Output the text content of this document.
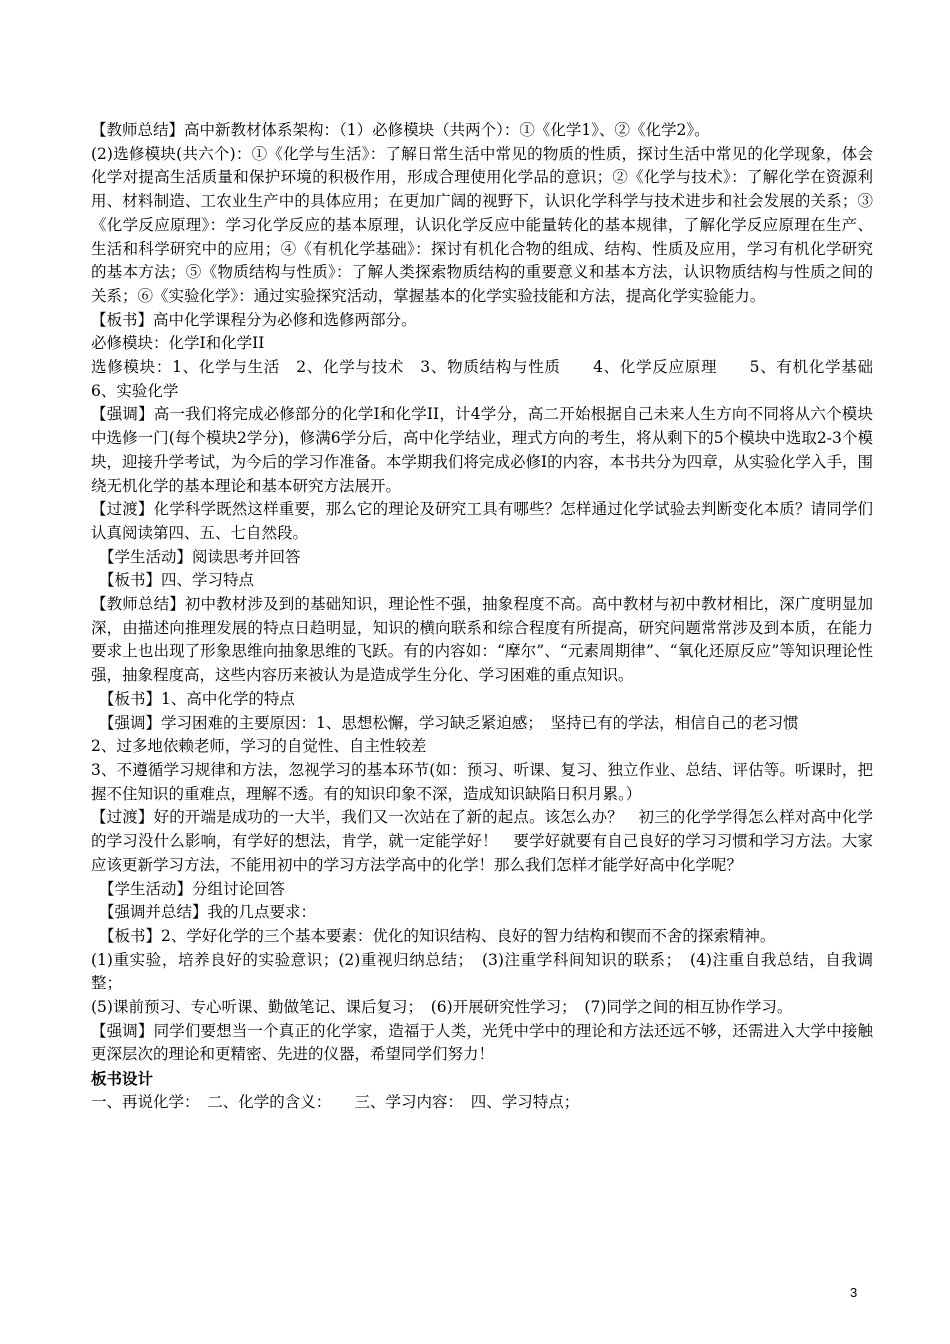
【教师总结】高中新教材体系架构：（1）必修模块（共两个）：①《化学1》、②《化学2》。

(2)选修模块(共六个)：①《化学与生活》：了解日常生活中常见的物质的性质，探讨生活中常见的化学现象，体会化学对提高生活质量和保护环境的积极作用，形成合理使用化学品的意识；②《化学与技术》：了解化学在资源利用、材料制造、工农业生产中的具体应用；在更加广阔的视野下，认识化学科学与技术进步和社会发展的关系；③《化学反应原理》：学习化学反应的基本原理，认识化学反应中能量转化的基本规律，了解化学反应原理在生产、生活和科学研究中的应用；④《有机化学基础》：探讨有机化合物的组成、结构、性质及应用，学习有机化学研究的基本方法；⑤《物质结构与性质》：了解人类探索物质结构的重要意义和基本方法，认识物质结构与性质之间的关系；⑥《实验化学》：通过实验探究活动，掌握基本的化学实验技能和方法，提高化学实验能力。

【板书】高中化学课程分为必修和选修两部分。

必修模块：化学I和化学II

选修模块：1、化学与生活　2、化学与技术　3、物质结构与性质　　4、化学反应原理　　5、有机化学基础　6、实验化学

【强调】高一我们将完成必修部分的化学I和化学II，计4学分，高二开始根据自己未来人生方向不同将从六个模块中选修一门(每个模块2学分)，修满6学分后，高中化学结业，理式方向的考生，将从剩下的5个模块中选取2-3个模块，迎接升学考试，为今后的学习作准备。本学期我们将完成必修Ⅰ的内容，本书共分为四章，从实验化学入手，围绕无机化学的基本理论和基本研究方法展开。

【过渡】化学科学既然这样重要，那么它的理论及研究工具有哪些？怎样通过化学试验去判断变化本质？请同学们认真阅读第四、五、七自然段。

【学生活动】阅读思考并回答

【板书】四、学习特点

【教师总结】初中教材涉及到的基础知识，理论性不强，抽象程度不高。高中教材与初中教材相比，深广度明显加深，由描述向推理发展的特点日趋明显，知识的横向联系和综合程度有所提高，研究问题常常涉及到本质，在能力要求上也出现了形象思维向抽象思维的飞跃。有的内容如：“摩尔”、“元素周期律”、“氧化还原反应”等知识理论性强，抽象程度高，这些内容历来被认为是造成学生分化、学习困难的重点知识。

【板书】1、高中化学的特点

【强调】学习困难的主要原因：1、思想松懈，学习缺乏紧迫感；　坚持已有的学法，相信自己的老习惯

2、过多地依赖老师，学习的自觉性、自主性较差

3、不遵循学习规律和方法，忽视学习的基本环节(如：预习、听课、复习、独立作业、总结、评估等。听课时，把握不住知识的重难点，理解不透。有的知识印象不深，造成知识缺陷日积月累。）

【过渡】好的开端是成功的一大半，我们又一次站在了新的起点。该怎么办？　初三的化学学得怎么样对高中化学的学习没什么影响，有学好的想法，肯学，就一定能学好！　要学好就要有自己良好的学习习惯和学习方法。大家应该更新学习方法，不能用初中的学习方法学高中的化学！那么我们怎样才能学好高中化学呢？

【学生活动】分组讨论回答

【强调并总结】我的几点要求：

【板书】2、学好化学的三个基本要素：优化的知识结构、良好的智力结构和锲而不舍的探索精神。

(1)重实验，培养良好的实验意识；(2)重视归纳总结；　(3)注重学科间知识的联系；　(4)注重自我总结，自我调整；

(5)课前预习、专心听课、勤做笔记、课后复习；　(6)开展研究性学习；　(7)同学之间的相互协作学习。

【强调】同学们要想当一个真正的化学家，造福于人类，光凭中学中的理论和方法还远不够，还需进入大学中接触更深层次的理论和更精密、先进的仪器，希望同学们努力！

板书设计

一、再说化学：　二、化学的含义：　　三、学习内容：　四、学习特点；

3
